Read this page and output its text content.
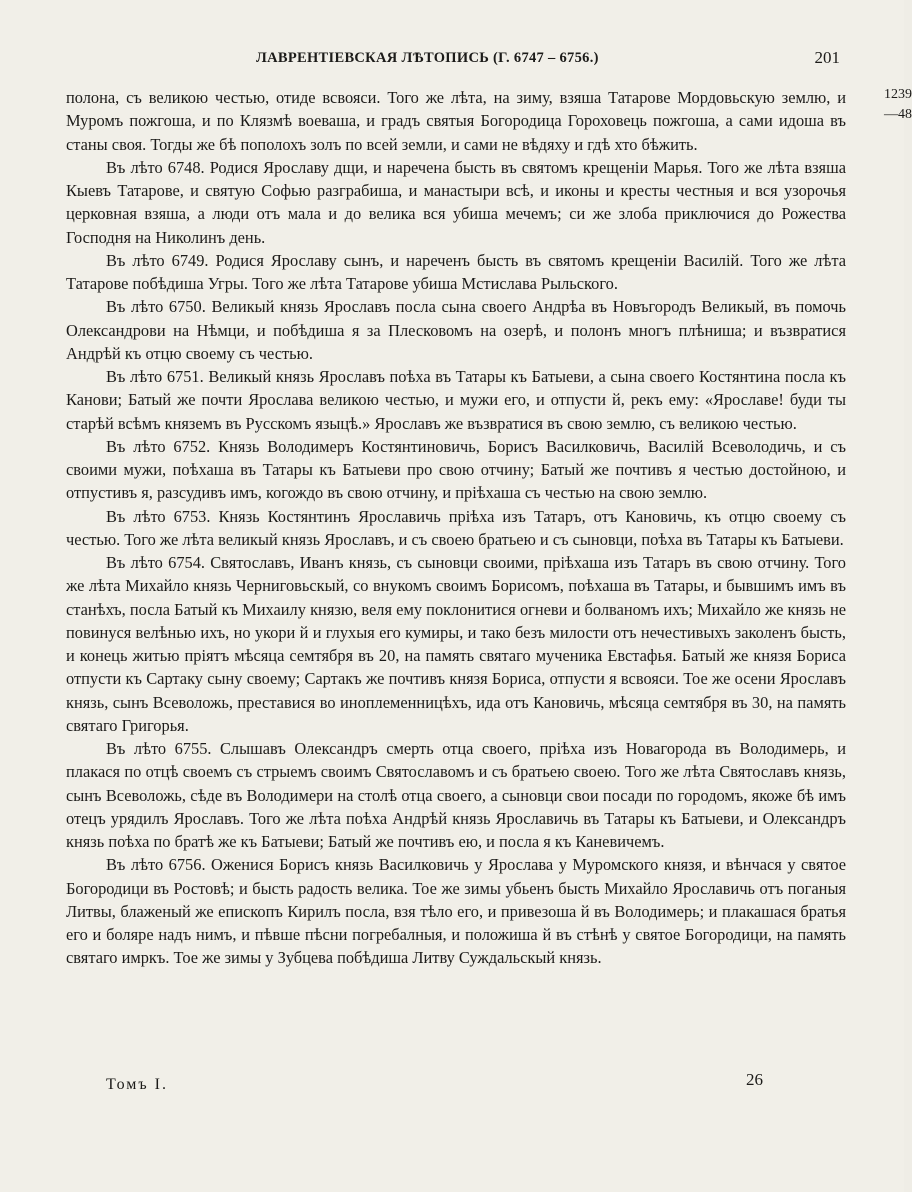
ЛАВРЕНТІЕВСКАЯ ЛѢТОПИСЬ (Г. 6747 – 6756.)	201
1239 —48

полона, съ великою честью, отиде всвояси. Того же лѣта, на зиму, взяша Татарове Мордовьскую землю, и Муромъ пожгоша, и по Клязмѣ воеваша, и градъ святыя Богородица Гороховець пожгоша, а сами идоша въ станы своя. Тогды же бѣ пополохъ золъ по всей земли, и сами не вѣдяху и гдѣ хто бѣжить.

Въ лѣто 6748. Родися Ярославу дщи, и наречена бысть въ святомъ крещеніи Марья. Того же лѣта взяша Кыевъ Татарове, и святую Софью разграбиша, и манастыри всѣ, и иконы и кресты честныя и вся узорочья церковная взяша, а люди отъ мала и до велика вся убиша мечемъ; си же злоба приключися до Рожества Господня на Николинъ день.

Въ лѣто 6749. Родися Ярославу сынъ, и нареченъ бысть въ святомъ крещеніи Василій. Того же лѣта Татарове побѣдиша Угры. Того же лѣта Татарове убиша Мстислава Рыльского.

Въ лѣто 6750. Великый князь Ярославъ посла сына своего Андрѣа въ Новъгородъ Великый, въ помочь Олександрови на Нѣмци, и побѣдиша я за Плесковомъ на озерѣ, и полонъ многъ плѣниша; и възвратися Андрѣй къ отцю своему съ честью.

Въ лѣто 6751. Великый князь Ярославъ поѣха въ Татары къ Батыеви, а сына своего Костянтина посла къ Канови; Батый же почти Ярослава великою честью, и мужи его, и отпусти й, рекъ ему: «Ярославе! буди ты старѣй всѣмъ княземъ въ Русскомъ языцѣ.» Ярославъ же възвратися въ свою землю, съ великою честью.

Въ лѣто 6752. Князь Володимеръ Костянтиновичь, Борисъ Василковичь, Василій Всеволодичь, и съ своими мужи, поѣхаша въ Татары къ Батыеви про свою отчину; Батый же почтивъ я честью достойною, и отпустивъ я, разсудивъ имъ, когождо въ свою отчину, и пріѣхаша съ честью на свою землю.

Въ лѣто 6753. Князь Костянтинъ Ярославичь пріѣха изъ Татаръ, отъ Кановичь, къ отцю своему съ честью. Того же лѣта великый князь Ярославъ, и съ своею братьею и съ сыновци, поѣха въ Татары къ Батыеви.

Въ лѣто 6754. Святославъ, Иванъ князь, съ сыновци своими, пріѣхаша изъ Татаръ въ свою отчину. Того же лѣта Михайло князь Черниговьскый, со внукомъ своимъ Борисомъ, поѣхаша въ Татары, и бывшимъ имъ въ станѣхъ, посла Батый къ Михаилу князю, веля ему поклонитися огневи и болваномъ ихъ; Михайло же князь не повинуся велѣнью ихъ, но укори й и глухыя его кумиры, и тако безъ милости отъ нечестивыхъ заколенъ бысть, и конець житью пріятъ мѣсяца семтября въ 20, на память святаго мученика Евстафья. Батый же князя Бориса отпусти къ Сартаку сыну своему; Сартакъ же почтивъ князя Бориса, отпусти я всвояси. Тое же осени Ярославъ князь, сынъ Всеволожь, преставися во иноплеменницѣхъ, ида отъ Кановичь, мѣсяца семтября въ 30, на память святаго Григорья.

Въ лѣто 6755. Слышавъ Олександръ смерть отца своего, пріѣха изъ Новагорода въ Володимерь, и плакася по отцѣ своемъ съ стрыемъ своимъ Святославомъ и съ братьею своею. Того же лѣта Святославъ князь, сынъ Всеволожь, сѣде въ Володимери на столѣ отца своего, а сыновци свои посади по городомъ, якоже бѣ имъ отецъ урядилъ Ярославъ. Того же лѣта поѣха Андрѣй князь Ярославичь въ Татары къ Батыеви, и Олександръ князь поѣха по братѣ же къ Батыеви; Батый же почтивъ ею, и посла я къ Каневичемъ.

Въ лѣто 6756. Оженися Борисъ князь Василковичь у Ярослава у Муромского князя, и вѣнчася у святое Богородици въ Ростовѣ; и бысть радость велика. Тое же зимы убьенъ бысть Михайло Ярославичь отъ поганыя Литвы, блаженый же епископъ Кирилъ посла, взя тѣло его, и привезоша й въ Володимерь; и плакашася братья его и боляре надъ нимъ, и пѣвше пѣсни погребалныя, и положиша й въ стѣнѣ у святое Богородици, на память святаго имркъ. Тое же зимы у Зубцева побѣдиша Литву Суждальскый князь.

Томъ I.	26
